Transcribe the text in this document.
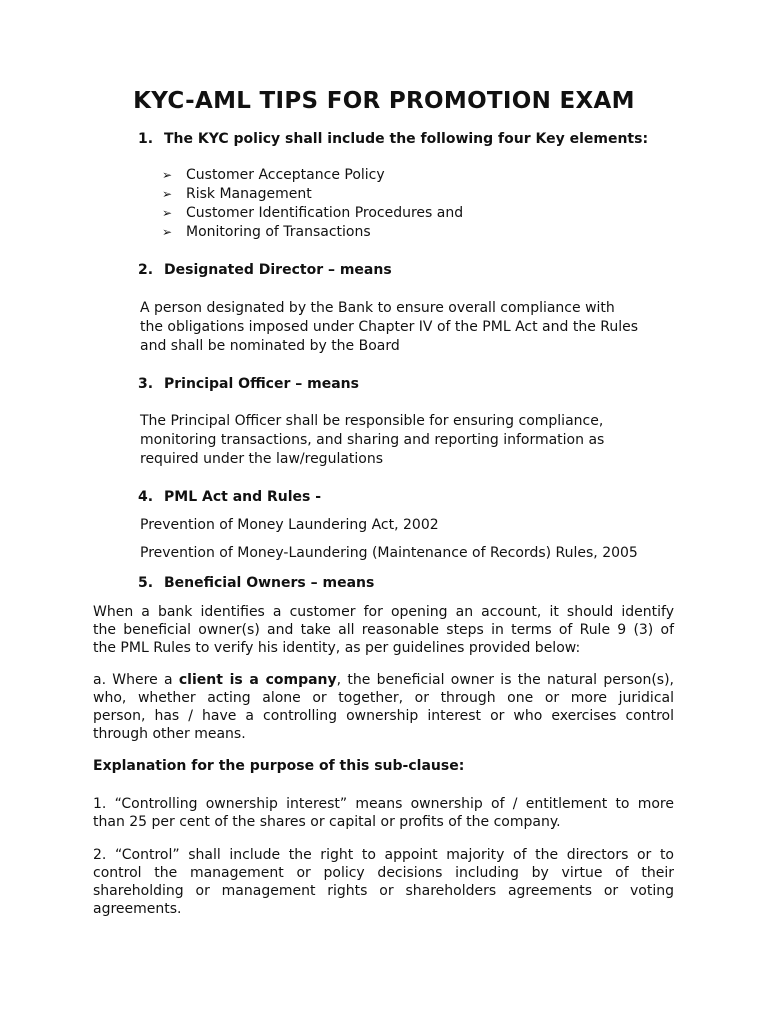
KYC-AML TIPS FOR PROMOTION EXAM
1. The KYC policy shall include the following four Key elements:
➢ Customer Acceptance Policy
➢ Risk Management
➢ Customer Identification Procedures and
➢ Monitoring of Transactions
2. Designated Director – means
A person designated by the Bank to ensure overall compliance with
the obligations imposed under Chapter IV of the PML Act and the Rules
and shall be nominated by the Board
3. Principal Officer – means
The Principal Officer shall be responsible for ensuring compliance,
monitoring transactions, and sharing and reporting information as
required under the law/regulations
4. PML Act and Rules -
Prevention of Money Laundering Act, 2002
Prevention of Money-Laundering (Maintenance of Records) Rules, 2005
5. Beneficial Owners – means
When a bank identifies a customer for opening an account, it should identify
the beneficial owner(s) and take all reasonable steps in terms of Rule 9 (3) of
the PML Rules to verify his identity, as per guidelines provided below:
a. Where a client is a company, the beneficial owner is the natural person(s),
who, whether acting alone or together, or through one or more juridical
person, has / have a controlling ownership interest or who exercises control
through other means.
Explanation for the purpose of this sub-clause:
1. “Controlling ownership interest” means ownership of / entitlement to more
than 25 per cent of the shares or capital or profits of the company.
2. “Control” shall include the right to appoint majority of the directors or to
control the management or policy decisions including by virtue of their
shareholding or management rights or shareholders agreements or voting
agreements.
